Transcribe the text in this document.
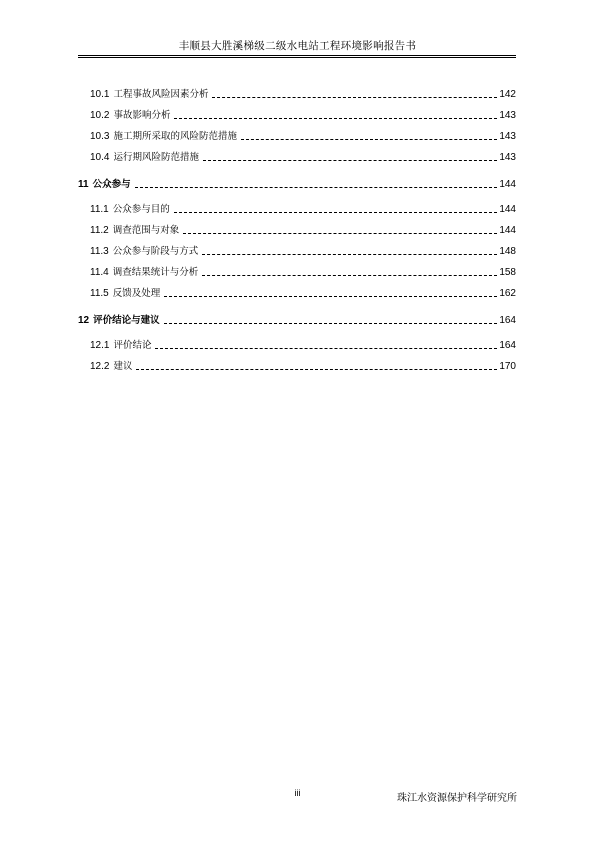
丰顺县大胜溪梯级二级水电站工程环境影响报告书
10.1 工程事故风险因素分析	142
10.2 事故影响分析	143
10.3 施工期所采取的风险防范措施	143
10.4 运行期风险防范措施	143
11 公众参与	144
11.1 公众参与目的	144
11.2 调查范围与对象	144
11.3 公众参与阶段与方式	148
11.4 调查结果统计与分析	158
11.5 反馈及处理	162
12 评价结论与建议	164
12.1 评价结论	164
12.2 建议	170
iii	珠江水资源保护科学研究所
